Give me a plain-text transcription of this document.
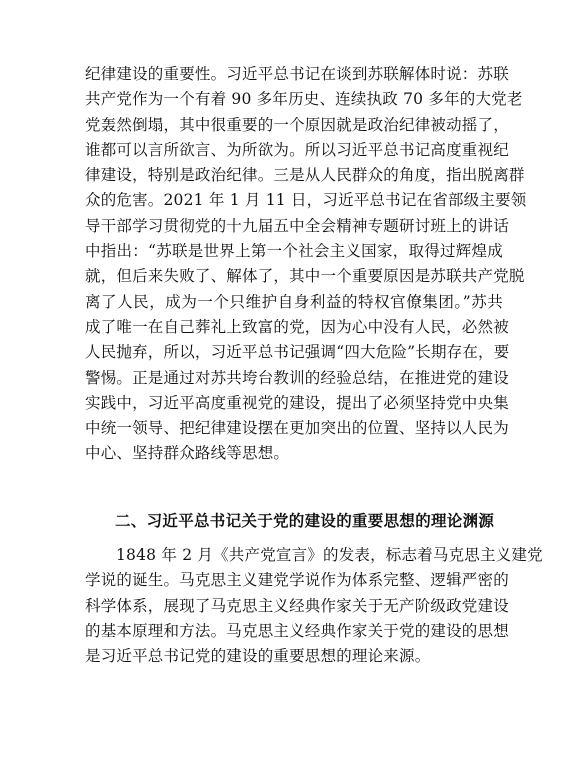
纪律建设的重要性。习近平总书记在谈到苏联解体时说：苏联
共产党作为一个有着 90 多年历史、连续执政 70 多年的大党老
党轰然倒塌，其中很重要的一个原因就是政治纪律被动摇了，
谁都可以言所欲言、为所欲为。所以习近平总书记高度重视纪
律建设，特别是政治纪律。三是从人民群众的角度，指出脱离群
众的危害。2021 年 1 月 11 日，习近平总书记在省部级主要领
导干部学习贯彻党的十九届五中全会精神专题研讨班上的讲话
中指出：“苏联是世界上第一个社会主义国家，取得过辉煌成
就，但后来失败了、解体了，其中一个重要原因是苏联共产党脱
离了人民，成为一个只维护自身利益的特权官僚集团。”苏共
成了唯一在自己葬礼上致富的党，因为心中没有人民，必然被
人民抛弃，所以，习近平总书记强调“四大危险”长期存在，要
警惕。正是通过对苏共垮台教训的经验总结，在推进党的建设
实践中，习近平高度重视党的建设，提出了必须坚持党中央集
中统一领导、把纪律建设摆在更加突出的位置、坚持以人民为
中心、坚持群众路线等思想。
二、习近平总书记关于党的建设的重要思想的理论渊源
1848 年 2 月《共产党宣言》的发表，标志着马克思主义建党
学说的诞生。马克思主义建党学说作为体系完整、逻辑严密的
科学体系，展现了马克思主义经典作家关于无产阶级政党建设
的基本原理和方法。马克思主义经典作家关于党的建设的思想
是习近平总书记党的建设的重要思想的理论来源。
